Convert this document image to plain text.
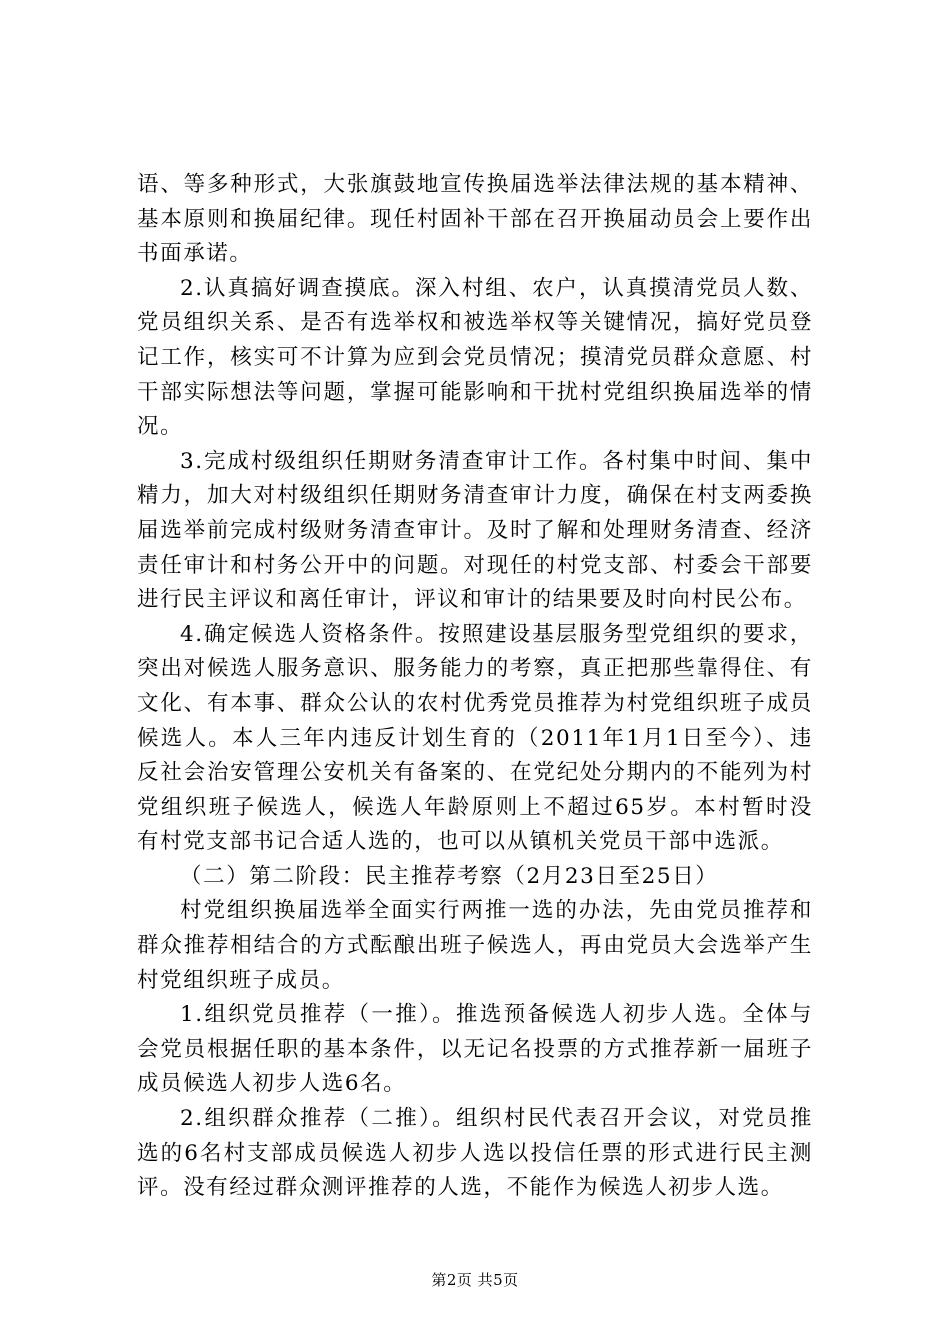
语、等多种形式，大张旗鼓地宣传换届选举法律法规的基本精神、基本原则和换届纪律。现任村固补干部在召开换届动员会上要作出书面承诺。

2.认真搞好调查摸底。深入村组、农户，认真摸清党员人数、党员组织关系、是否有选举权和被选举权等关键情况，搞好党员登记工作，核实可不计算为应到会党员情况；摸清党员群众意愿、村干部实际想法等问题，掌握可能影响和干扰村党组织换届选举的情况。

3.完成村级组织任期财务清查审计工作。各村集中时间、集中精力，加大对村级组织任期财务清查审计力度，确保在村支两委换届选举前完成村级财务清查审计。及时了解和处理财务清查、经济责任审计和村务公开中的问题。对现任的村党支部、村委会干部要进行民主评议和离任审计，评议和审计的结果要及时向村民公布。

4.确定候选人资格条件。按照建设基层服务型党组织的要求，突出对候选人服务意识、服务能力的考察，真正把那些靠得住、有文化、有本事、群众公认的农村优秀党员推荐为村党组织班子成员候选人。本人三年内违反计划生育的（2011年1月1日至今）、违反社会治安管理公安机关有备案的、在党纪处分期内的不能列为村党组织班子候选人，候选人年龄原则上不超过65岁。本村暂时没有村党支部书记合适人选的，也可以从镇机关党员干部中选派。

（二）第二阶段：民主推荐考察（2月23日至25日）

村党组织换届选举全面实行两推一选的办法，先由党员推荐和群众推荐相结合的方式酝酿出班子候选人，再由党员大会选举产生村党组织班子成员。

1.组织党员推荐（一推）。推选预备候选人初步人选。全体与会党员根据任职的基本条件，以无记名投票的方式推荐新一届班子成员候选人初步人选6名。

2.组织群众推荐（二推）。组织村民代表召开会议，对党员推选的6名村支部成员候选人初步人选以投信任票的形式进行民主测评。没有经过群众测评推荐的人选，不能作为候选人初步人选。

第2页 共5页
